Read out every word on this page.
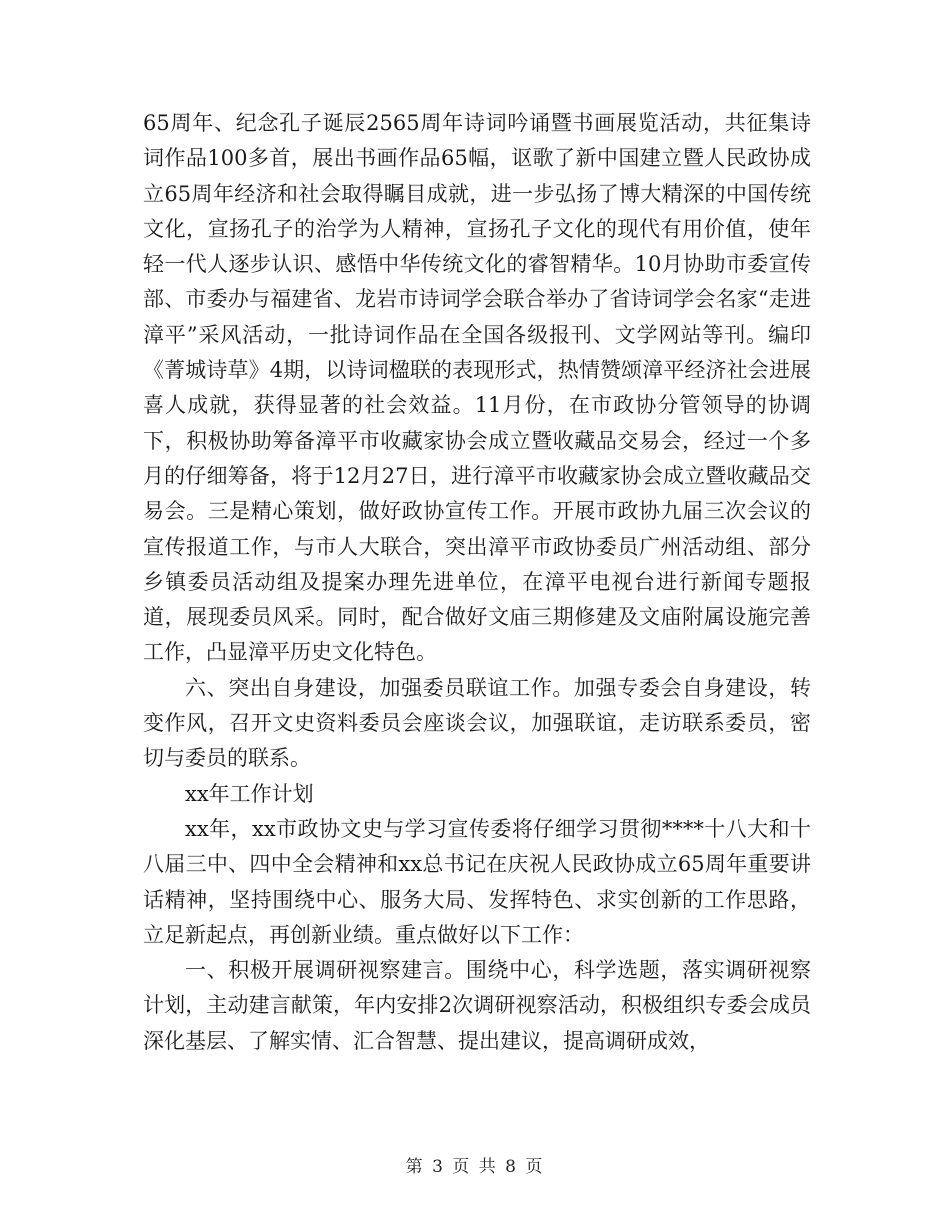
65周年、纪念孔子诞辰2565周年诗词吟诵暨书画展览活动，共征集诗词作品100多首，展出书画作品65幅，讴歌了新中国建立暨人民政协成立65周年经济和社会取得瞩目成就，进一步弘扬了博大精深的中国传统文化，宣扬孔子的治学为人精神，宣扬孔子文化的现代有用价值，使年轻一代人逐步认识、感悟中华传统文化的睿智精华。10月协助市委宣传部、市委办与福建省、龙岩市诗词学会联合举办了省诗词学会名家“走进漳平”采风活动，一批诗词作品在全国各级报刊、文学网站等刊。编印《菁城诗草》4期，以诗词楹联的表现形式，热情赞颂漳平经济社会进展喜人成就，获得显著的社会效益。11月份，在市政协分管领导的协调下，积极协助筹备漳平市收藏家协会成立暨收藏品交易会，经过一个多月的仔细筹备，将于12月27日，进行漳平市收藏家协会成立暨收藏品交易会。三是精心策划，做好政协宣传工作。开展市政协九届三次会议的宣传报道工作，与市人大联合，突出漳平市政协委员广州活动组、部分乡镇委员活动组及提案办理先进单位，在漳平电视台进行新闻专题报道，展现委员风采。同时，配合做好文庙三期修建及文庙附属设施完善工作，凸显漳平历史文化特色。

六、突出自身建设，加强委员联谊工作。加强专委会自身建设，转变作风，召开文史资料委员会座谈会议，加强联谊，走访联系委员，密切与委员的联系。

xx年工作计划

xx年，xx市政协文史与学习宣传委将仔细学习贯彻****十八大和十八届三中、四中全会精神和xx总书记在庆祝人民政协成立65周年重要讲话精神，坚持围绕中心、服务大局、发挥特色、求实创新的工作思路，立足新起点，再创新业绩。重点做好以下工作：

一、积极开展调研视察建言。围绕中心，科学选题，落实调研视察计划，主动建言献策，年内安排2次调研视察活动，积极组织专委会成员深化基层、了解实情、汇合智慧、提出建议，提高调研成效，

第 3 页 共 8 页
